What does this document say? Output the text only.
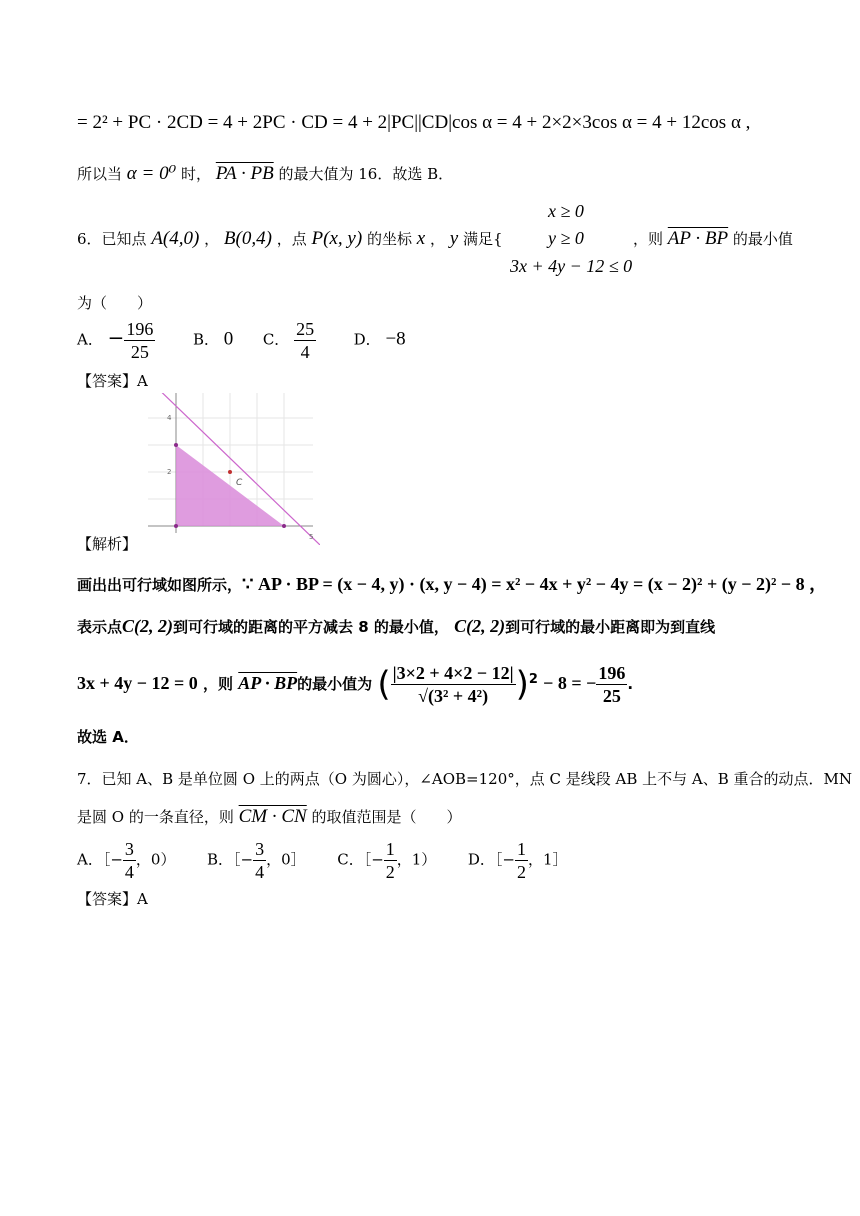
= 2² + PC · 2CD = 4 + 2PC · CD = 4 + 2|PC||CD|cos α = 4 + 2×2×3cos α = 4 + 12cos α ,
所以当 α = 0⁰ 时， PA · PB 的最大值为 16．故选 B．
6．已知点 A(4,0) ， B(0,4) ，点 P(x, y) 的坐标 x ， y 满足{
x ≥ 0
y ≥ 0
3x + 4y − 12 ≤ 0
，则 AP · BP 的最小值
为（　　）
A． − $\frac{196}{25}$	B． 0 C． $\frac{25}{4}$	D． −8
【答案】A
C
4
2
5
【解析】
画出出可行域如图所示，∵ AP · BP = (x − 4, y) · (x, y − 4) = x² − 4x + y² − 4y = (x − 2)² + (y − 2)² − 8 ，
表示点C(2, 2)到可行域的距离的平方减去 8 的最小值， C(2, 2)到可行域的最小距离即为到直线
3x + 4y − 12 = 0 ，则 AP · BP的最小值为 ( $\frac{|3\times 2 + 4\times 2 - 12|}{\text{√(3² + 4²)}} )^2 - 8$ = − $\frac{196}{25}$ .
故选 A．
7．已知 A、B 是单位圆 O 上的两点（O 为圆心），∠AOB=120°，点 C 是线段 AB 上不与 A、B 重合的动点．MN
是圆 O 的一条直径，则 CM · CN 的取值范围是（　　）
A．［− $\frac{3}{4}$ ，0） B．［− $\frac{3}{4}$ ，0］ C．［− $\frac{1}{2}$ ，1） D．［− $\frac{1}{2}$ ，1］
【答案】A
